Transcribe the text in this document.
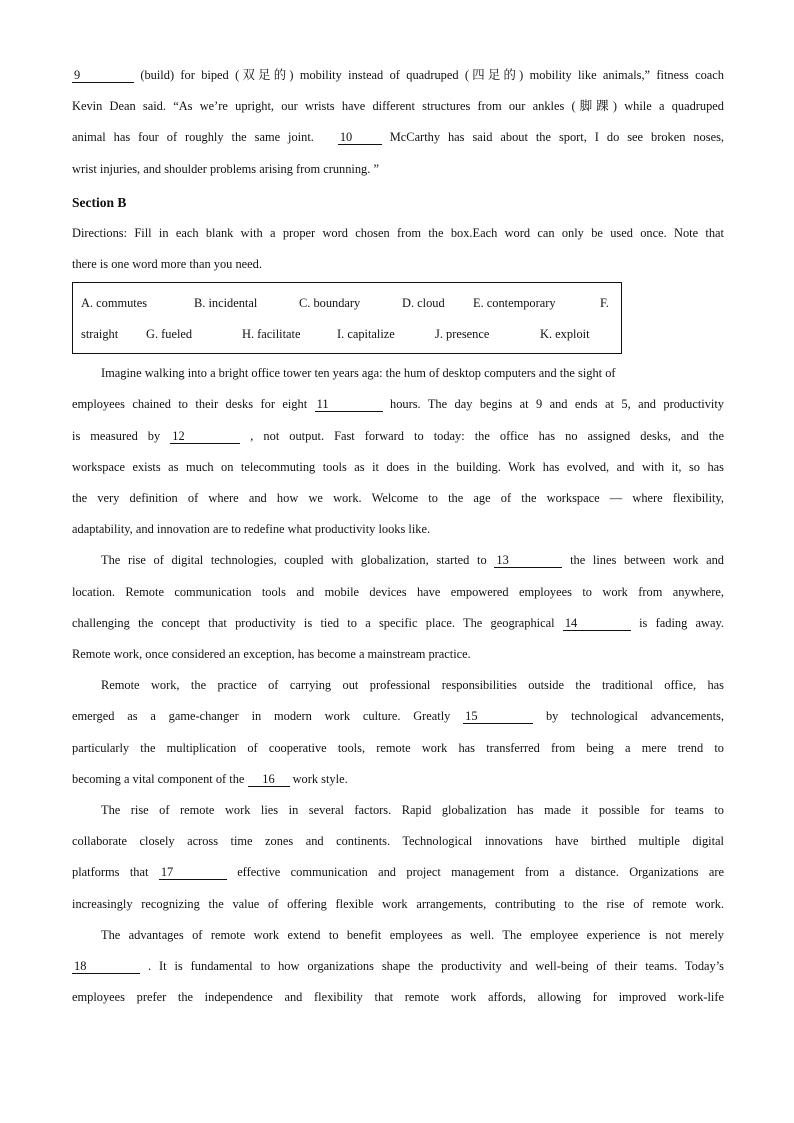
9	(build) for biped (双足的) mobility instead of quadruped (四足的) mobility like animals,” fitness coach
Kevin Dean said. “As we’re upright, our wrists have different structures from our ankles (脚踝) while a quadruped
animal has four of roughly the same joint. 10	McCarthy has said about the sport, I do see broken noses,
wrist injuries, and shoulder problems arising from crunning. ”
Section B
Directions: Fill in each blank with a proper word chosen from the box.Each word can only be used once. Note that
there is one word more than you need.
A. commutes	B. incidental	C. boundary	D. cloud E. contemporary	F.
straight G. fueled	H. facilitate	I. capitalize	J. presence	K. exploit
Imagine walking into a bright office tower ten years aga: the hum of desktop computers and the sight of
employees chained to their desks for eight 11	hours. The day begins at 9 and ends at 5, and productivity
is measured by 12	, not output. Fast forward to today: the office has no assigned desks, and the
workspace exists as much on telecommuting tools as it does in the building. Work has evolved, and with it, so has
the very definition of where and how we work. Welcome to the age of the workspace — where flexibility,
adaptability, and innovation are to redefine what productivity looks like.
The rise of digital technologies, coupled with globalization, started to 13	the lines between work and
location. Remote communication tools and mobile devices have empowered employees to work from anywhere,
challenging the concept that productivity is tied to a specific place. The geographical 14	is fading away.
Remote work, once considered an exception, has become a mainstream practice.
Remote work, the practice of carrying out professional responsibilities outside the traditional office, has
emerged as a game-changer in modern work culture. Greatly 15	by technological advancements,
particularly the multiplication of cooperative tools, remote work has transferred from being a mere trend to
becoming a vital component of the 16 work style.
The rise of remote work lies in several factors. Rapid globalization has made it possible for teams to
collaborate closely across time zones and continents. Technological innovations have birthed multiple digital
platforms that 17	effective communication and project management from a distance. Organizations are
increasingly recognizing the value of offering flexible work arrangements, contributing to the rise of remote work.
The advantages of remote work extend to benefit employees as well. The employee experience is not merely
18	. It is fundamental to how organizations shape the productivity and well-being of their teams. Today’s
employees prefer the independence and flexibility that remote work affords, allowing for improved work-life
